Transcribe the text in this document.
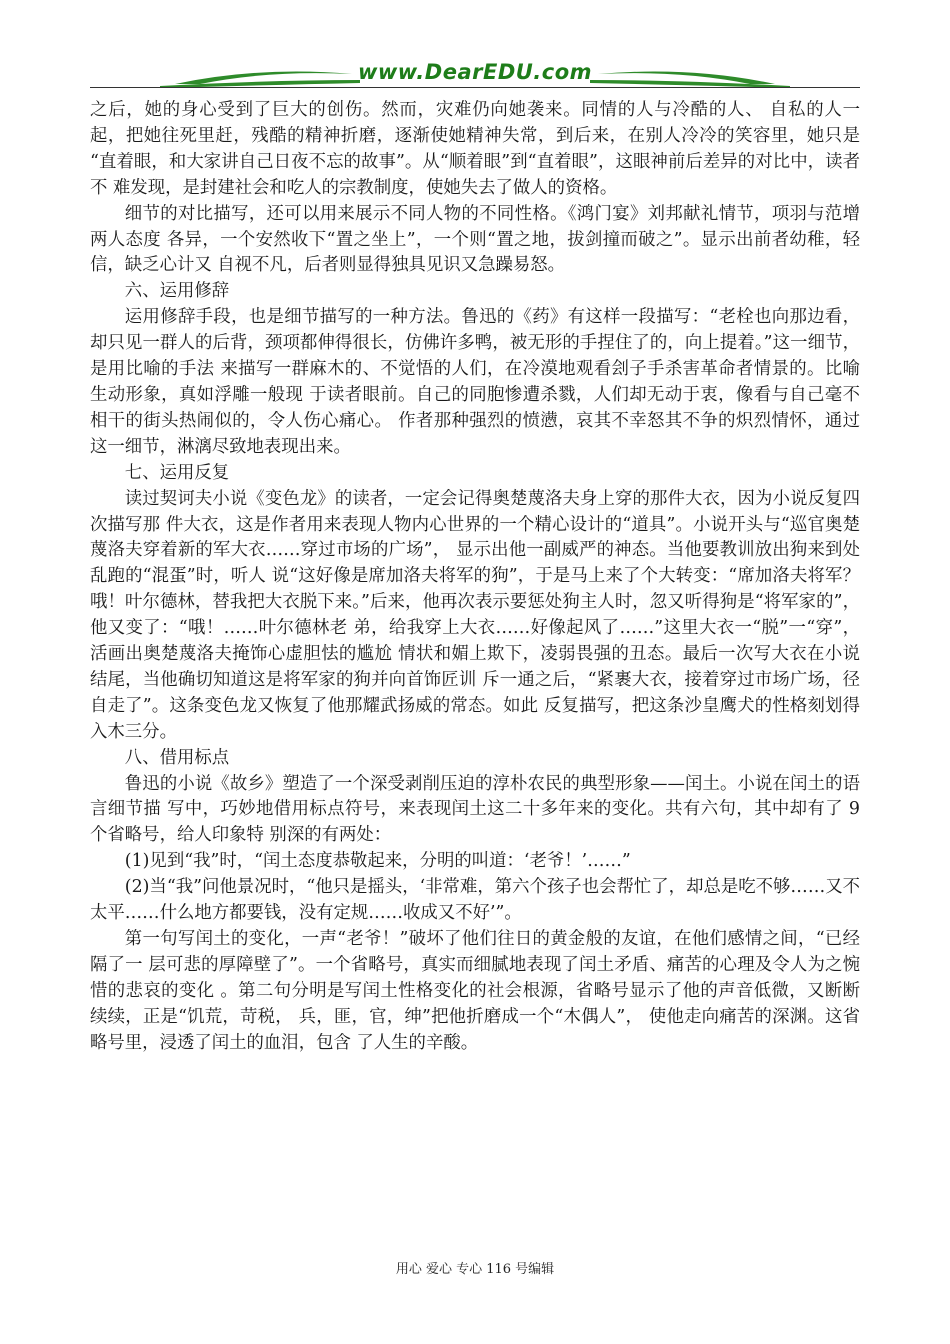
www.DearEDU.com

之后，她的身心受到了巨大的创伤。然而，灾难仍向她袭来。同情的人与冷酷的人、 自私的人一起，把她往死里赶，残酷的精神折磨，逐渐使她精神失常，到后来，在别人冷冷的笑容里，她只是 “直着眼，和大家讲自己日夜不忘的故事”。从“顺着眼”到“直着眼”，这眼神前后差异的对比中，读者不 难发现，是封建社会和吃人的宗教制度，使她失去了做人的资格。

细节的对比描写，还可以用来展示不同人物的不同性格。《鸿门宴》刘邦献礼情节，项羽与范增两人态度 各异，一个安然收下“置之坐上”，一个则“置之地，拔剑撞而破之”。显示出前者幼稚，轻信，缺乏心计又 自视不凡，后者则显得独具见识又急躁易怒。

六、运用修辞

运用修辞手段，也是细节描写的一种方法。鲁迅的《药》有这样一段描写：“老栓也向那边看，却只见一群人的后背，颈项都伸得很长，仿佛许多鸭，被无形的手捏住了的，向上提着。”这一细节，是用比喻的手法 来描写一群麻木的、不觉悟的人们，在冷漠地观看刽子手杀害革命者情景的。比喻生动形象，真如浮雕一般现 于读者眼前。自己的同胞惨遭杀戮，人们却无动于衷，像看与自己毫不相干的街头热闹似的，令人伤心痛心。 作者那种强烈的愤懑，哀其不幸怒其不争的炽烈情怀，通过这一细节，淋漓尽致地表现出来。

七、运用反复

读过契诃夫小说《变色龙》的读者，一定会记得奥楚蔑洛夫身上穿的那件大衣，因为小说反复四次描写那 件大衣，这是作者用来表现人物内心世界的一个精心设计的“道具”。小说开头与“巡官奥楚蔑洛夫穿着新的军大衣……穿过市场的广场”， 显示出他一副威严的神态。当他要教训放出狗来到处乱跑的“混蛋”时，听人 说“这好像是席加洛夫将军的狗”，于是马上来了个大转变：“席加洛夫将军？哦！叶尔德林，替我把大衣脱下来。”后来，他再次表示要惩处狗主人时，忽又听得狗是“将军家的”，他又变了：“哦！……叶尔德林老 弟，给我穿上大衣……好像起风了……”这里大衣一“脱”一“穿”， 活画出奥楚蔑洛夫掩饰心虚胆怯的尴尬 情状和媚上欺下，凌弱畏强的丑态。最后一次写大衣在小说结尾，当他确切知道这是将军家的狗并向首饰匠训 斥一通之后，“紧裹大衣，接着穿过市场广场，径自走了”。这条变色龙又恢复了他那耀武扬威的常态。如此 反复描写，把这条沙皇鹰犬的性格刻划得入木三分。

八、借用标点

鲁迅的小说《故乡》塑造了一个深受剥削压迫的淳朴农民的典型形象——闰土。小说在闰土的语言细节描 写中，巧妙地借用标点符号，来表现闰土这二十多年来的变化。共有六句，其中却有了 9 个省略号，给人印象特 别深的有两处：

(1)见到“我”时，“闰土态度恭敬起来，分明的叫道：‘老爷！’……”

(2)当“我”问他景况时，“他只是摇头，‘非常难，第六个孩子也会帮忙了，却总是吃不够……又不太平……什么地方都要钱，没有定规……收成又不好’”。

第一句写闰土的变化，一声“老爷！”破坏了他们往日的黄金般的友谊，在他们感情之间，“已经隔了一 层可悲的厚障壁了”。一个省略号，真实而细腻地表现了闰土矛盾、痛苦的心理及令人为之惋惜的悲哀的变化 。第二句分明是写闰土性格变化的社会根源，省略号显示了他的声音低微，又断断续续，正是“饥荒，苛税， 兵，匪，官，绅”把他折磨成一个“木偶人”， 使他走向痛苦的深渊。这省略号里，浸透了闰土的血泪，包含 了人生的辛酸。

用心 爱心 专心 116 号编辑
